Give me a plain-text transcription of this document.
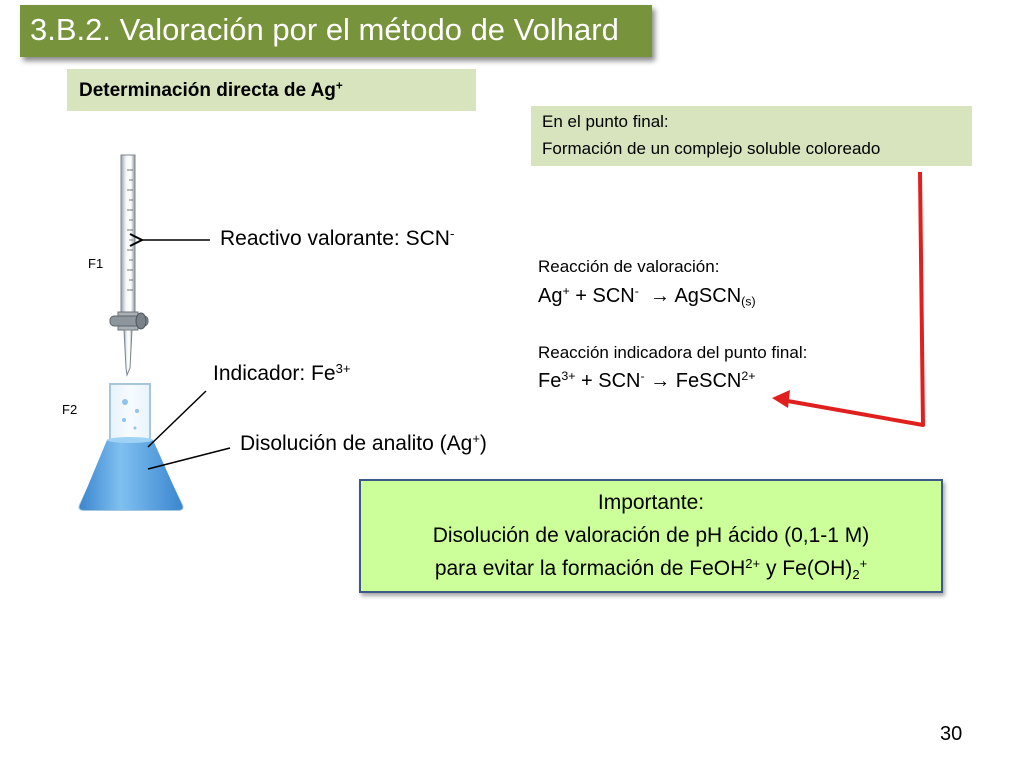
3.B.2. Valoración por el método de Volhard
Determinación directa de Ag+
En el punto final:
Formación de un complejo soluble coloreado
F1
F2
Reactivo valorante: SCN-
Indicador: $Fe^{3+}$
Disolución de analito (Ag+)
Reacción de valoración:
Ag+ + SCN-  → AgSCN$_{(s)}$
Reacción indicadora del punto final:
$Fe^{3+} + SCN^-$ → FeSCN$^{2+}$
Importante:
Disolución de valoración de pH ácido (0,1-1 M)
para evitar la formación de FeOH$^{2+}$ y $Fe(OH)_2^+$
30
